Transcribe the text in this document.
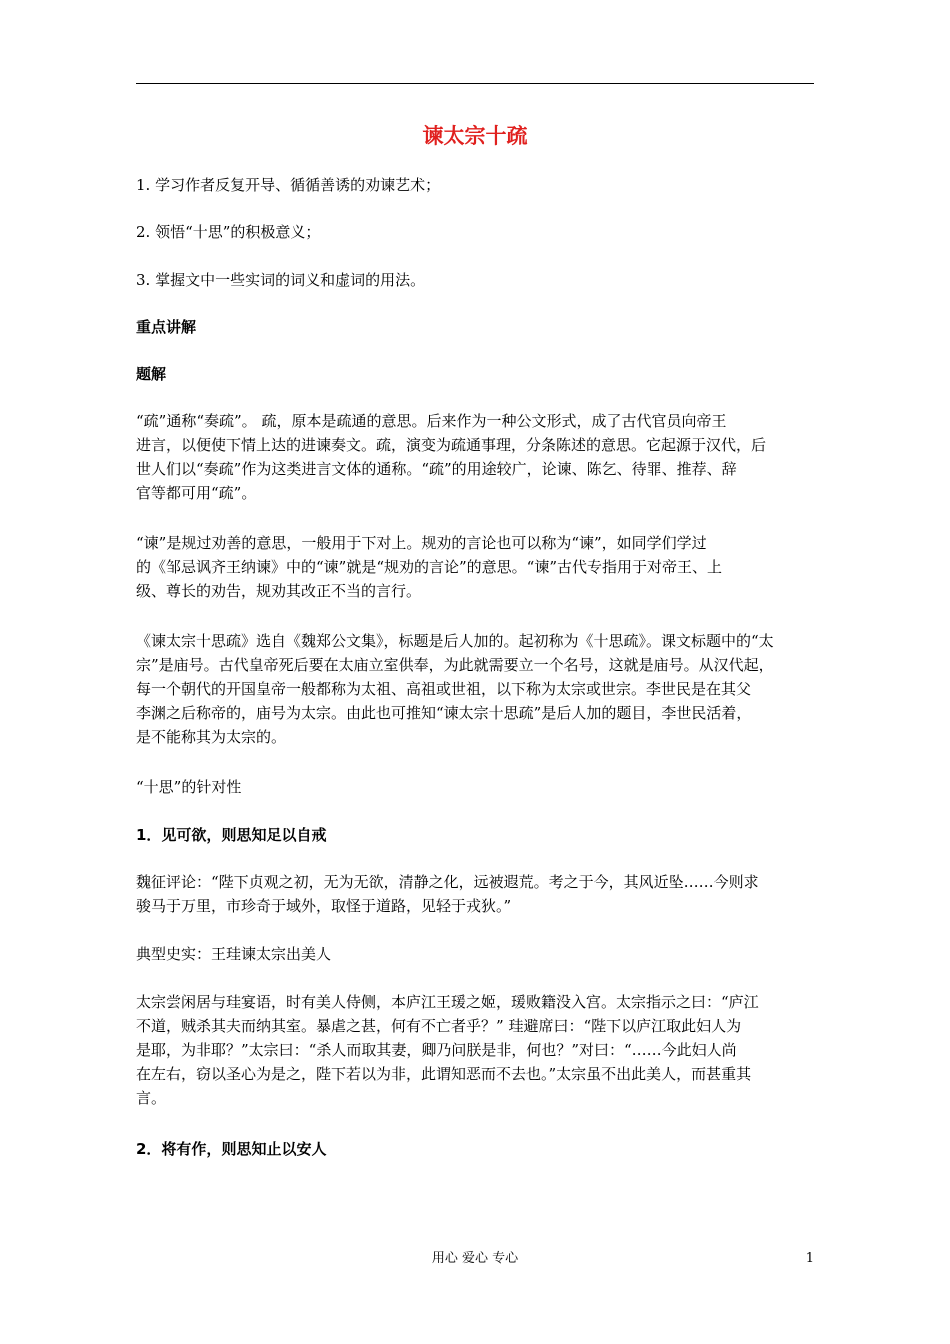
谏太宗十疏
1. 学习作者反复开导、循循善诱的劝谏艺术；
2. 领悟“十思”的积极意义；
3. 掌握文中一些实词的词义和虚词的用法。
重点讲解
题解
“疏”通称“奏疏”。 疏，原本是疏通的意思。后来作为一种公文形式，成了古代官员向帝王
进言，以便使下情上达的进谏奏文。疏，演变为疏通事理，分条陈述的意思。它起源于汉代，后
世人们以“奏疏”作为这类进言文体的通称。“疏”的用途较广，论谏、陈乞、待罪、推荐、辞
官等都可用“疏”。
“谏”是规过劝善的意思，一般用于下对上。规劝的言论也可以称为“谏”，如同学们学过
的《邹忌讽齐王纳谏》中的“谏”就是“规劝的言论”的意思。“谏”古代专指用于对帝王、上
级、尊长的劝告，规劝其改正不当的言行。
《谏太宗十思疏》选自《魏郑公文集》，标题是后人加的。起初称为《十思疏》。课文标题中的“太
宗”是庙号。古代皇帝死后要在太庙立室供奉，为此就需要立一个名号，这就是庙号。从汉代起，
每一个朝代的开国皇帝一般都称为太祖、高祖或世祖，以下称为太宗或世宗。李世民是在其父
李渊之后称帝的，庙号为太宗。由此也可推知“谏太宗十思疏”是后人加的题目，李世民活着，
是不能称其为太宗的。
“十思”的针对性
1．见可欲，则思知足以自戒
魏征评论：“陛下贞观之初，无为无欲，清静之化，远被遐荒。考之于今，其风近坠……今则求
骏马于万里，市珍奇于域外，取怪于道路，见轻于戎狄。”
典型史实：王珪谏太宗出美人
太宗尝闲居与珪宴语，时有美人侍侧，本庐江王瑗之姬，瑗败籍没入宫。太宗指示之曰：“庐江
不道，贼杀其夫而纳其室。暴虐之甚，何有不亡者乎？” 珪避席曰：“陛下以庐江取此妇人为
是耶，为非耶？”太宗曰：“杀人而取其妻，卿乃问朕是非，何也？”对曰：“……今此妇人尚
在左右，窃以圣心为是之，陛下若以为非，此谓知恶而不去也。”太宗虽不出此美人，而甚重其
言。
2．将有作，则思知止以安人
用心 爱心 专心	1
